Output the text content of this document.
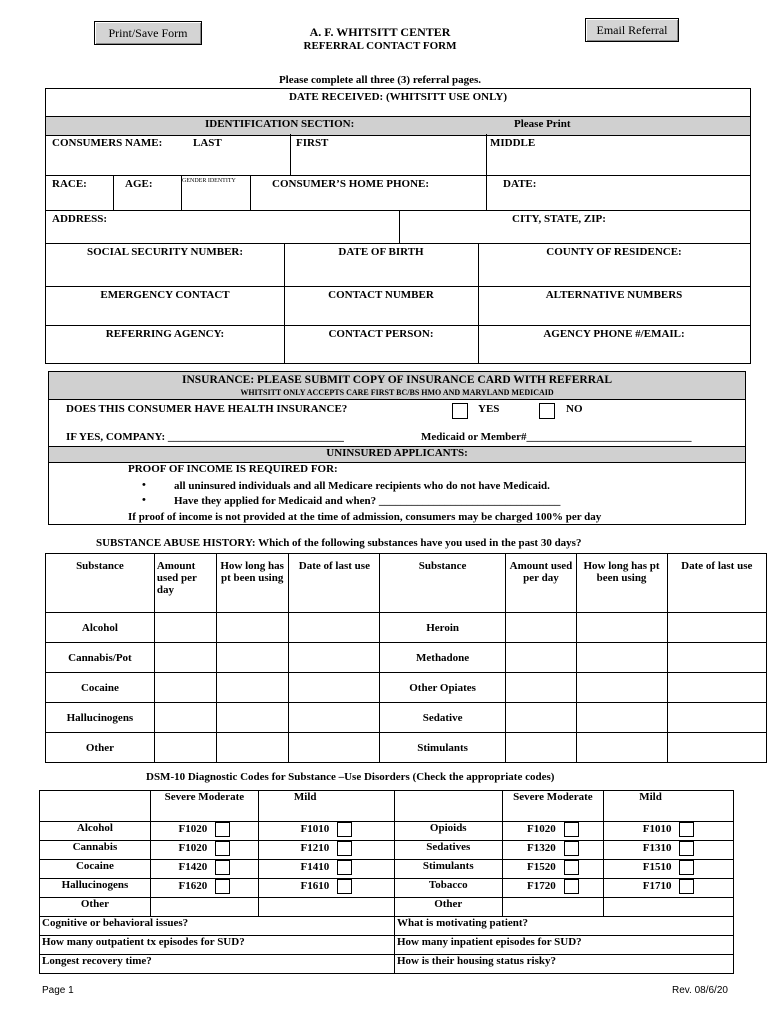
Print/Save Form	Email Referral
A. F. WHITSITT CENTER
REFERRAL CONTACT FORM
Please complete all three (3) referral pages.
DATE RECEIVED: (WHITSITT USE ONLY)
IDENTIFICATION SECTION:	Please Print
CONSUMERS NAME:	LAST	FIRST	MIDDLE
RACE:	AGE:	GENDER IDENTITY	CONSUMER’S HOME PHONE:	DATE:
ADDRESS:	CITY, STATE, ZIP:
SOCIAL SECURITY NUMBER:	DATE OF BIRTH	COUNTY OF RESIDENCE:
EMERGENCY CONTACT	CONTACT NUMBER	ALTERNATIVE NUMBERS
REFERRING AGENCY:	CONTACT PERSON:	AGENCY PHONE #/EMAIL:
INSURANCE: PLEASE SUBMIT COPY OF INSURANCE CARD WITH REFERRAL
WHITSITT ONLY ACCEPTS CARE FIRST BC/BS HMO AND MARYLAND MEDICAID
DOES THIS CONSUMER HAVE HEALTH INSURANCE?	YES	NO
IF YES, COMPANY: ________________________________	Medicaid or Member#______________________________
UNINSURED APPLICANTS:
PROOF OF INCOME IS REQUIRED FOR:
•	all uninsured individuals and all Medicare recipients who do not have Medicaid.
•	Have they applied for Medicaid and when? _________________________________
If proof of income is not provided at the time of admission, consumers may be charged 100% per day
SUBSTANCE ABUSE HISTORY: Which of the following substances have you used in the past 30 days?
Substance	Amount used per day	How long has pt been using	Date of last use	Substance	Amount used per day	How long has pt been using	Date of last use
Alcohol				Heroin			
Cannabis/Pot				Methadone			
Cocaine				Other Opiates			
Hallucinogens				Sedative			
Other				Stimulants			
DSM-10 Diagnostic Codes for Substance –Use Disorders (Check the appropriate codes)
	Severe Moderate	Mild		Severe Moderate	Mild
Alcohol	F1020	F1010	Opioids	F1020	F1010
Cannabis	F1020	F1210	Sedatives	F1320	F1310
Cocaine	F1420	F1410	Stimulants	F1520	F1510
Hallucinogens	F1620	F1610	Tobacco	F1720	F1710
Other			Other		
Cognitive or behavioral issues?			What is motivating patient?		
How many outpatient tx episodes for SUD?			How many inpatient episodes for SUD?		
Longest recovery time?			How is their housing status risky?		
Page 1	Rev. 08/6/20
